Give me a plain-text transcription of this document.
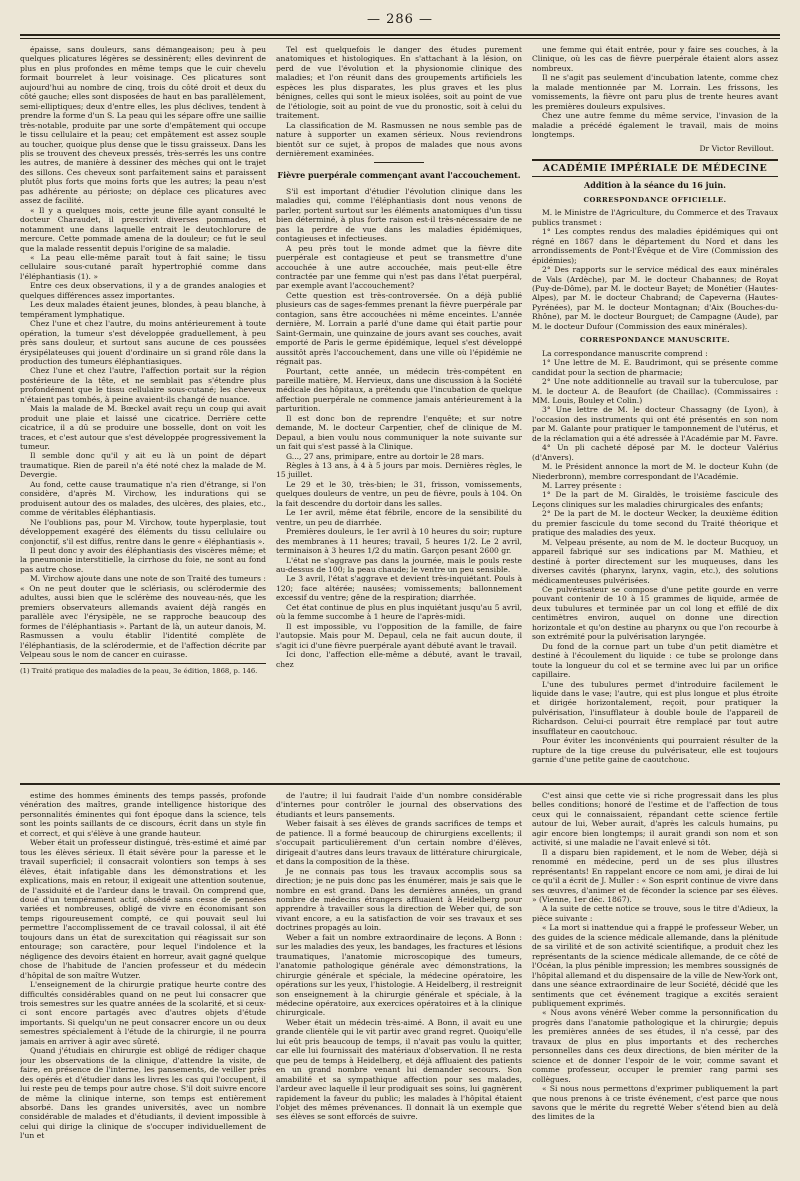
— 286 —

épaisse, sans douleurs, sans démangeaison; peu à peu quelques plicatures légères se dessinèrent; elles devinrent de plus en plus profondes en même temps que le cuir chevelu formait bourrelet à leur voisinage. Ces plicatures sont aujourd'hui au nombre de cinq, trois du côté droit et deux du côté gauche; elles sont disposées de haut en bas parallèlement, semi-elliptiques; deux d'entre elles, les plus déclives, tendent à prendre la forme d'un S. La peau qui les sépare offre une saillie très-notable, produite par une sorte d'empâtement qui occupe le tissu cellulaire et la peau; cet empâtement est assez souple au toucher, quoique plus dense que le tissu graisseux. Dans les plis se trouvent des cheveux pressés, très-serrés les uns contre les autres, de manière à dessiner des mèches qui ont le trajet des sillons. Ces cheveux sont parfaitement sains et paraissent plutôt plus forts que moins forts que les autres; la peau n'est pas adhérente au périoste; on déplace ces plicatures avec assez de facilité.

« Il y a quelques mois, cette jeune fille ayant consulté le docteur Charaudet, il prescrivit diverses pommades, et notamment une dans laquelle entrait le deutochlorure de mercure. Cette pommade amena de la douleur; ce fut le seul que la malade ressentit depuis l'origine de sa maladie.

« La peau elle-même paraît tout à fait saine; le tissu cellulaire sous-cutané paraît hypertrophié comme dans l'éléphantiasis (1). »

Entre ces deux observations, il y a de grandes analogies et quelques différences assez importantes.

Les deux malades étaient jeunes, blondes, à peau blanche, à tempérament lymphatique.

Chez l'une et chez l'autre, du moins antérieurement à toute opération, la tumeur s'est développée graduellement, à peu près sans douleur, et surtout sans aucune de ces poussées érysipélateuses qui jouent d'ordinaire un si grand rôle dans la production des tumeurs éléphantiasiques.

Chez l'une et chez l'autre, l'affection portait sur la région postérieure de la tête, et ne semblait pas s'étendre plus profondément que le tissu cellulaire sous-cutané; les cheveux n'étaient pas tombés, à peine avaient-ils changé de nuance.

Mais la malade de M. Bœckel avait reçu un coup qui avait produit une plaie et laissé une cicatrice. Derrière cette cicatrice, il a dû se produire une bosselle, dont on voit les traces, et c'est autour que s'est développée progressivement la tumeur.

Il semble donc qu'il y ait eu là un point de départ traumatique. Rien de pareil n'a été noté chez la malade de M. Devergie.

Au fond, cette cause traumatique n'a rien d'étrange, si l'on considère, d'après M. Virchow, les indurations qui se produisent autour des os malades, des ulcères, des plaies, etc., comme de véritables éléphantiasis.

Ne l'oublions pas, pour M. Virchow, toute hyperplasie, tout développement exagéré des éléments du tissu cellulaire ou conjonctif, s'il est diffus, rentre dans le genre « éléphantiasis ».

Il peut donc y avoir des éléphantiasis des viscères même; et la pneumonie interstitielle, la cirrhose du foie, ne sont au fond pas autre chose.

M. Virchow ajoute dans une note de son Traité des tumeurs : « On ne peut douter que le sclériasis, ou sclérodermie des adultes, aussi bien que le sclérème des nouveau-nés, que les premiers observateurs allemands avaient déjà rangés en parallèle avec l'érysipèle, ne se rapproche beaucoup des formes de l'éléphantiasis ». Partant de là, un auteur danois, M. Rasmussen a voulu établir l'identité complète de l'éléphantiasis, de la sclérodermie, et de l'affection décrite par Velpeau sous le nom de cancer en cuirasse.

(1) Traité pratique des maladies de la peau, 3e édition, 1868, p. 146.

Tel est quelquefois le danger des études purement anatomiques et histologiques. En s'attachant à la lésion, on perd de vue l'évolution et la physionomie clinique des maladies; et l'on réunit dans des groupements artificiels les espèces les plus disparates, les plus graves et les plus bénignes, celles qui sont le mieux isolées, soit au point de vue de l'étiologie, soit au point de vue du pronostic, soit à celui du traitement.

La classification de M. Rasmussen ne nous semble pas de nature à supporter un examen sérieux. Nous reviendrons bientôt sur ce sujet, à propos de malades que nous avons dernièrement examinées.

Fièvre puerpérale commençant avant l'accouchement.

S'il est important d'étudier l'évolution clinique dans les maladies qui, comme l'éléphantiasis dont nous venons de parler, portent surtout sur les éléments anatomiques d'un tissu bien déterminé, à plus forte raison est-il très-nécessaire de ne pas la perdre de vue dans les maladies épidémiques, contagieuses et infectieuses.

A peu près tout le monde admet que la fièvre dite puerpérale est contagieuse et peut se transmettre d'une accouchée à une autre accouchée, mais peut-elle être contractée par une femme qui n'est pas dans l'état puerpéral, par exemple avant l'accouchement?

Cette question est très-controversée. On a déjà publié plusieurs cas de sages-femmes prenant la fièvre puerpérale par contagion, sans être accouchées ni même enceintes. L'année dernière, M. Lorrain a parlé d'une dame qui était partie pour Saint-Germain, une quinzaine de jours avant ses couches, avait emporté de Paris le germe épidémique, lequel s'est développé aussitôt après l'accouchement, dans une ville où l'épidémie ne régnait pas.

Pourtant, cette année, un médecin très-compétent en pareille matière, M. Hervieux, dans une discussion à la Société médicale des hôpitaux, a prétendu que l'incubation de quelque affection puerpérale ne commence jamais antérieurement à la parturition.

Il est donc bon de reprendre l'enquête; et sur notre demande, M. le docteur Carpentier, chef de clinique de M. Depaul, a bien voulu nous communiquer la note suivante sur un fait qui s'est passé à la Clinique.

G..., 27 ans, primipare, entre au dortoir le 28 mars.

Règles à 13 ans, à 4 à 5 jours par mois. Dernières règles, le 15 juillet.

Le 29 et le 30, très-bien; le 31, frisson, vomissements, quelques douleurs de ventre, un peu de fièvre, pouls à 104. On la fait descendre du dortoir dans les salles.

Le 1er avril, même état fébrile, encore de la sensibilité du ventre, un peu de diarrhée.

Premières douleurs, le 1er avril à 10 heures du soir; rupture des membranes à 11 heures; travail, 5 heures 1/2. Le 2 avril, terminaison à 3 heures 1/2 du matin. Garçon pesant 2600 gr.

L'état ne s'aggrave pas dans la journée, mais le pouls reste au-dessus de 100; la peau chaude; le ventre un peu sensible.

Le 3 avril, l'état s'aggrave et devient très-inquiétant. Pouls à 120; face altérée; nausées; vomissements; ballonnement excessif du ventre; gêne de la respiration; diarrhée.

Cet état continue de plus en plus inquiétant jusqu'au 5 avril, où la femme succombe à 1 heure de l'après-midi.

Il est impossible, vu l'opposition de la famille, de faire l'autopsie. Mais pour M. Depaul, cela ne fait aucun doute, il s'agit ici d'une fièvre puerpérale ayant débuté avant le travail.

Ici donc, l'affection elle-même a débuté, avant le travail, chez

une femme qui était entrée, pour y faire ses couches, à la Clinique, où les cas de fièvre puerpérale étaient alors assez nombreux.

Il ne s'agit pas seulement d'incubation latente, comme chez la malade mentionnée par M. Lorrain. Les frissons, les vomissements, la fièvre ont paru plus de trente heures avant les premières douleurs expulsives.

Chez une autre femme du même service, l'invasion de la maladie a précédé également le travail, mais de moins longtemps.

Dr Victor Revillout.
ACADÉMIE IMPÉRIALE DE MÉDECINE
Addition à la séance du 16 juin.
CORRESPONDANCE OFFICIELLE.

M. le Ministre de l'Agriculture, du Commerce et des Travaux publics transmet :

1° Les comptes rendus des maladies épidémiques qui ont régné en 1867 dans le département du Nord et dans les arrondissements de Pont-l'Évêque et de Vire (Commission des épidémies);

2° Des rapports sur le service médical des eaux minérales de Vals (Ardèche), par M. le docteur Chabannes; de Royat (Puy-de-Dôme), par M. le docteur Bayet; de Monétier (Hautes-Alpes), par M. le docteur Chabrand; de Capeverna (Hautes-Pyrénées), par M. le docteur Montagnan; d'Aix (Bouches-du-Rhône), par M. le docteur Bourguet; de Campagne (Aude), par M. le docteur Dufour (Commission des eaux minérales).

CORRESPONDANCE MANUSCRITE.

La correspondance manuscrite comprend :

1° Une lettre de M. E. Baudrimont, qui se présente comme candidat pour la section de pharmacie;

2° Une note additionnelle au travail sur la tuberculose, par M. le docteur A. de Beaufort (de Chaillac). (Commissaires : MM. Louis, Bouley et Colin.)

3° Une lettre de M. le docteur Chassagny (de Lyon), à l'occasion des instruments qui ont été présentés en son nom par M. Galante pour pratiquer le tamponnement de l'utérus, et de la réclamation qui a été adressée à l'Académie par M. Favre.

4° Un pli cacheté déposé par M. le docteur Valérius (d'Anvers).

M. le Président annonce la mort de M. le docteur Kuhn (de Niederbronn), membre correspondant de l'Académie.

M. Larrey présente :

1° De la part de M. Giraldès, le troisième fascicule des Leçons cliniques sur les maladies chirurgicales des enfants;

2° De la part de M. le docteur Wecker, la deuxième édition du premier fascicule du tome second du Traité théorique et pratique des maladies des yeux.

M. Velpeau présente, au nom de M. le docteur Bucquoy, un appareil fabriqué sur ses indications par M. Mathieu, et destiné à porter directement sur les muqueuses, dans les diverses cavités (pharynx, larynx, vagin, etc.), des solutions médicamenteuses pulvérisées.

Ce pulvérisateur se compose d'une petite gourde en verre pouvant contenir de 10 à 15 grammes de liquide, armée de deux tubulures et terminée par un col long et effilé de dix centimètres environ, auquel on donne une direction horizontale et qu'on destine au pharynx ou que l'on recourbe à son extrémité pour la pulvérisation laryngée.

Du fond de la cornue part un tube d'un petit diamètre et destiné à l'écoulement du liquide : ce tube se prolonge dans toute la longueur du col et se termine avec lui par un orifice capillaire.

L'une des tubulures permet d'introduire facilement le liquide dans le vase; l'autre, qui est plus longue et plus étroite et dirigée horizontalement, reçoit, pour pratiquer la pulvérisation, l'insufflateur à double boule de l'appareil de Richardson. Celui-ci pourrait être remplacé par tout autre insufflateur en caoutchouc.

Pour éviter les inconvénients qui pourraient résulter de la rupture de la tige creuse du pulvérisateur, elle est toujours garnie d'une petite gaine de caoutchouc.

estime des hommes éminents des temps passés, profonde vénération des maîtres, grande intelligence historique des personnalités éminentes qui font époque dans la science, tels sont les points saillants de ce discours, écrit dans un style fin et correct, et qui s'élève à une grande hauteur.

Weber était un professeur distingué, très-estimé et aimé par tous les élèves sérieux. Il était sévère pour la paresse et le travail superficiel; il consacrait volontiers son temps à ses élèves, était infatigable dans les démonstrations et les explications, mais en retour, il exigeait une attention soutenue, de l'assiduité et de l'ardeur dans le travail. On comprend que, doué d'un tempérament actif, obsédé sans cesse de pensées variées et nombreuses, obligé de vivre en économisant son temps rigoureusement compté, ce qui pouvait seul lui permettre l'accomplissement de ce travail colossal, il ait été toujours dans un état de surexcitation qui réagissait sur son entourage; son caractère, pour lequel l'indolence et la négligence des devoirs étaient en horreur, avait gagné quelque chose de l'habitude de l'ancien professeur et du médecin d'hôpital de son maître Wutzer.

L'enseignement de la chirurgie pratique heurte contre des difficultés considérables quand on ne peut lui consacrer que trois semestres sur les quatre années de la scolarité, et si ceux-ci sont encore partagés avec d'autres objets d'étude importants. Si quelqu'un ne peut consacrer encore un ou deux semestres spécialement à l'étude de la chirurgie, il ne pourra jamais en arriver à agir avec sûreté.

Quand j'étudiais en chirurgie est obligé de rédiger chaque jour les observations de la clinique, d'attendre la visite, de faire, en présence de l'interne, les pansements, de veiller près des opérés et d'étudier dans les livres les cas qui l'occupent, il lui reste peu de temps pour autre chose. S'il doit suivre encore de même la clinique interne, son temps est entièrement absorbé. Dans les grandes universités, avec un nombre considérable de malades et d'étudiants, il devient impossible à celui qui dirige la clinique de s'occuper individuellement de l'un et

de l'autre; il lui faudrait l'aide d'un nombre considérable d'internes pour contrôler le journal des observations des étudiants et leurs pansements.

Weber faisait à ses élèves de grands sacrifices de temps et de patience. Il a formé beaucoup de chirurgiens excellents; il s'occupait particulièrement d'un certain nombre d'élèves, dirigeait d'autres dans leurs travaux de littérature chirurgicale, et dans la composition de la thèse.

Je ne connais pas tous les travaux accomplis sous sa direction; je ne puis donc pas les énumérer, mais je sais que le nombre en est grand. Dans les dernières années, un grand nombre de médecins étrangers affluaient à Heidelberg pour apprendre à travailler sous la direction de Weber qui, de son vivant encore, a eu la satisfaction de voir ses travaux et ses doctrines propagés au loin.

Weber a fait un nombre extraordinaire de leçons. A Bonn : sur les maladies des yeux, les bandages, les fractures et lésions traumatiques, l'anatomie microscopique des tumeurs, l'anatomie pathologique générale avec démonstrations, la chirurgie générale et spéciale, la médecine opératoire, les opérations sur les yeux, l'histologie. A Heidelberg, il restreignit son enseignement à la chirurgie générale et spéciale, à la médecine opératoire, aux exercices opératoires et à la clinique chirurgicale.

Weber était un médecin très-aimé. A Bonn, il avait eu une grande clientèle qui le vit partir avec grand regret. Quoiqu'elle lui eût pris beaucoup de temps, il n'avait pas voulu la quitter, car elle lui fournissait des matériaux d'observation. Il ne resta que peu de temps à Heidelberg, et déjà affluaient des patients en un grand nombre venant lui demander secours. Son amabilité et sa sympathique affection pour ses malades, l'ardeur avec laquelle il leur prodiguait ses soins, lui gagnèrent rapidement la faveur du public; les malades à l'hôpital étaient l'objet des mêmes prévenances. Il donnait là un exemple que ses élèves se sont efforcés de suivre.

C'est ainsi que cette vie si riche progressait dans les plus belles conditions; honoré de l'estime et de l'affection de tous ceux qui le connaissaient, répandant cette science fertile autour de lui, Weber aurait, d'après les calculs humains, pu agir encore bien longtemps; il aurait grandi son nom et son activité, si une maladie ne l'avait enlevé si tôt.

Il a disparu bien rapidement, et le nom de Weber, déjà si renommé en médecine, perd un de ses plus illustres représentants! En rappelant encore ce nom ami, je dirai de lui ce qu'il a écrit de J. Muller : « Son esprit continue de vivre dans ses œuvres, d'animer et de féconder la science par ses élèves. » (Vienne, 1er déc. 1867).

A la suite de cette notice se trouve, sous le titre d'Adieux, la pièce suivante :

« La mort si inattendue qui a frappé le professeur Weber, un des guides de la science médicale allemande, dans la plénitude de sa virilité et de son activité scientifique, a produit chez les représentants de la science médicale allemande, de ce côté de l'Océan, la plus pénible impression; les membres soussignés de l'hôpital allemand et du dispensaire de la ville de New-York ont, dans une séance extraordinaire de leur Société, décidé que les sentiments que cet événement tragique a excités seraient publiquement exprimés.

« Nous avons vénéré Weber comme la personnification du progrès dans l'anatomie pathologique et la chirurgie; depuis les premières années de ses études, il n'a cessé, par des travaux de plus en plus importants et des recherches personnelles dans ces deux directions, de bien mériter de la science et de donner l'espoir de le voir, comme savant et comme professeur, occuper le premier rang parmi ses collègues.

« Si nous nous permettons d'exprimer publiquement la part que nous prenons à ce triste événement, c'est parce que nous savons que le mérite du regretté Weber s'étend bien au delà des limites de la
